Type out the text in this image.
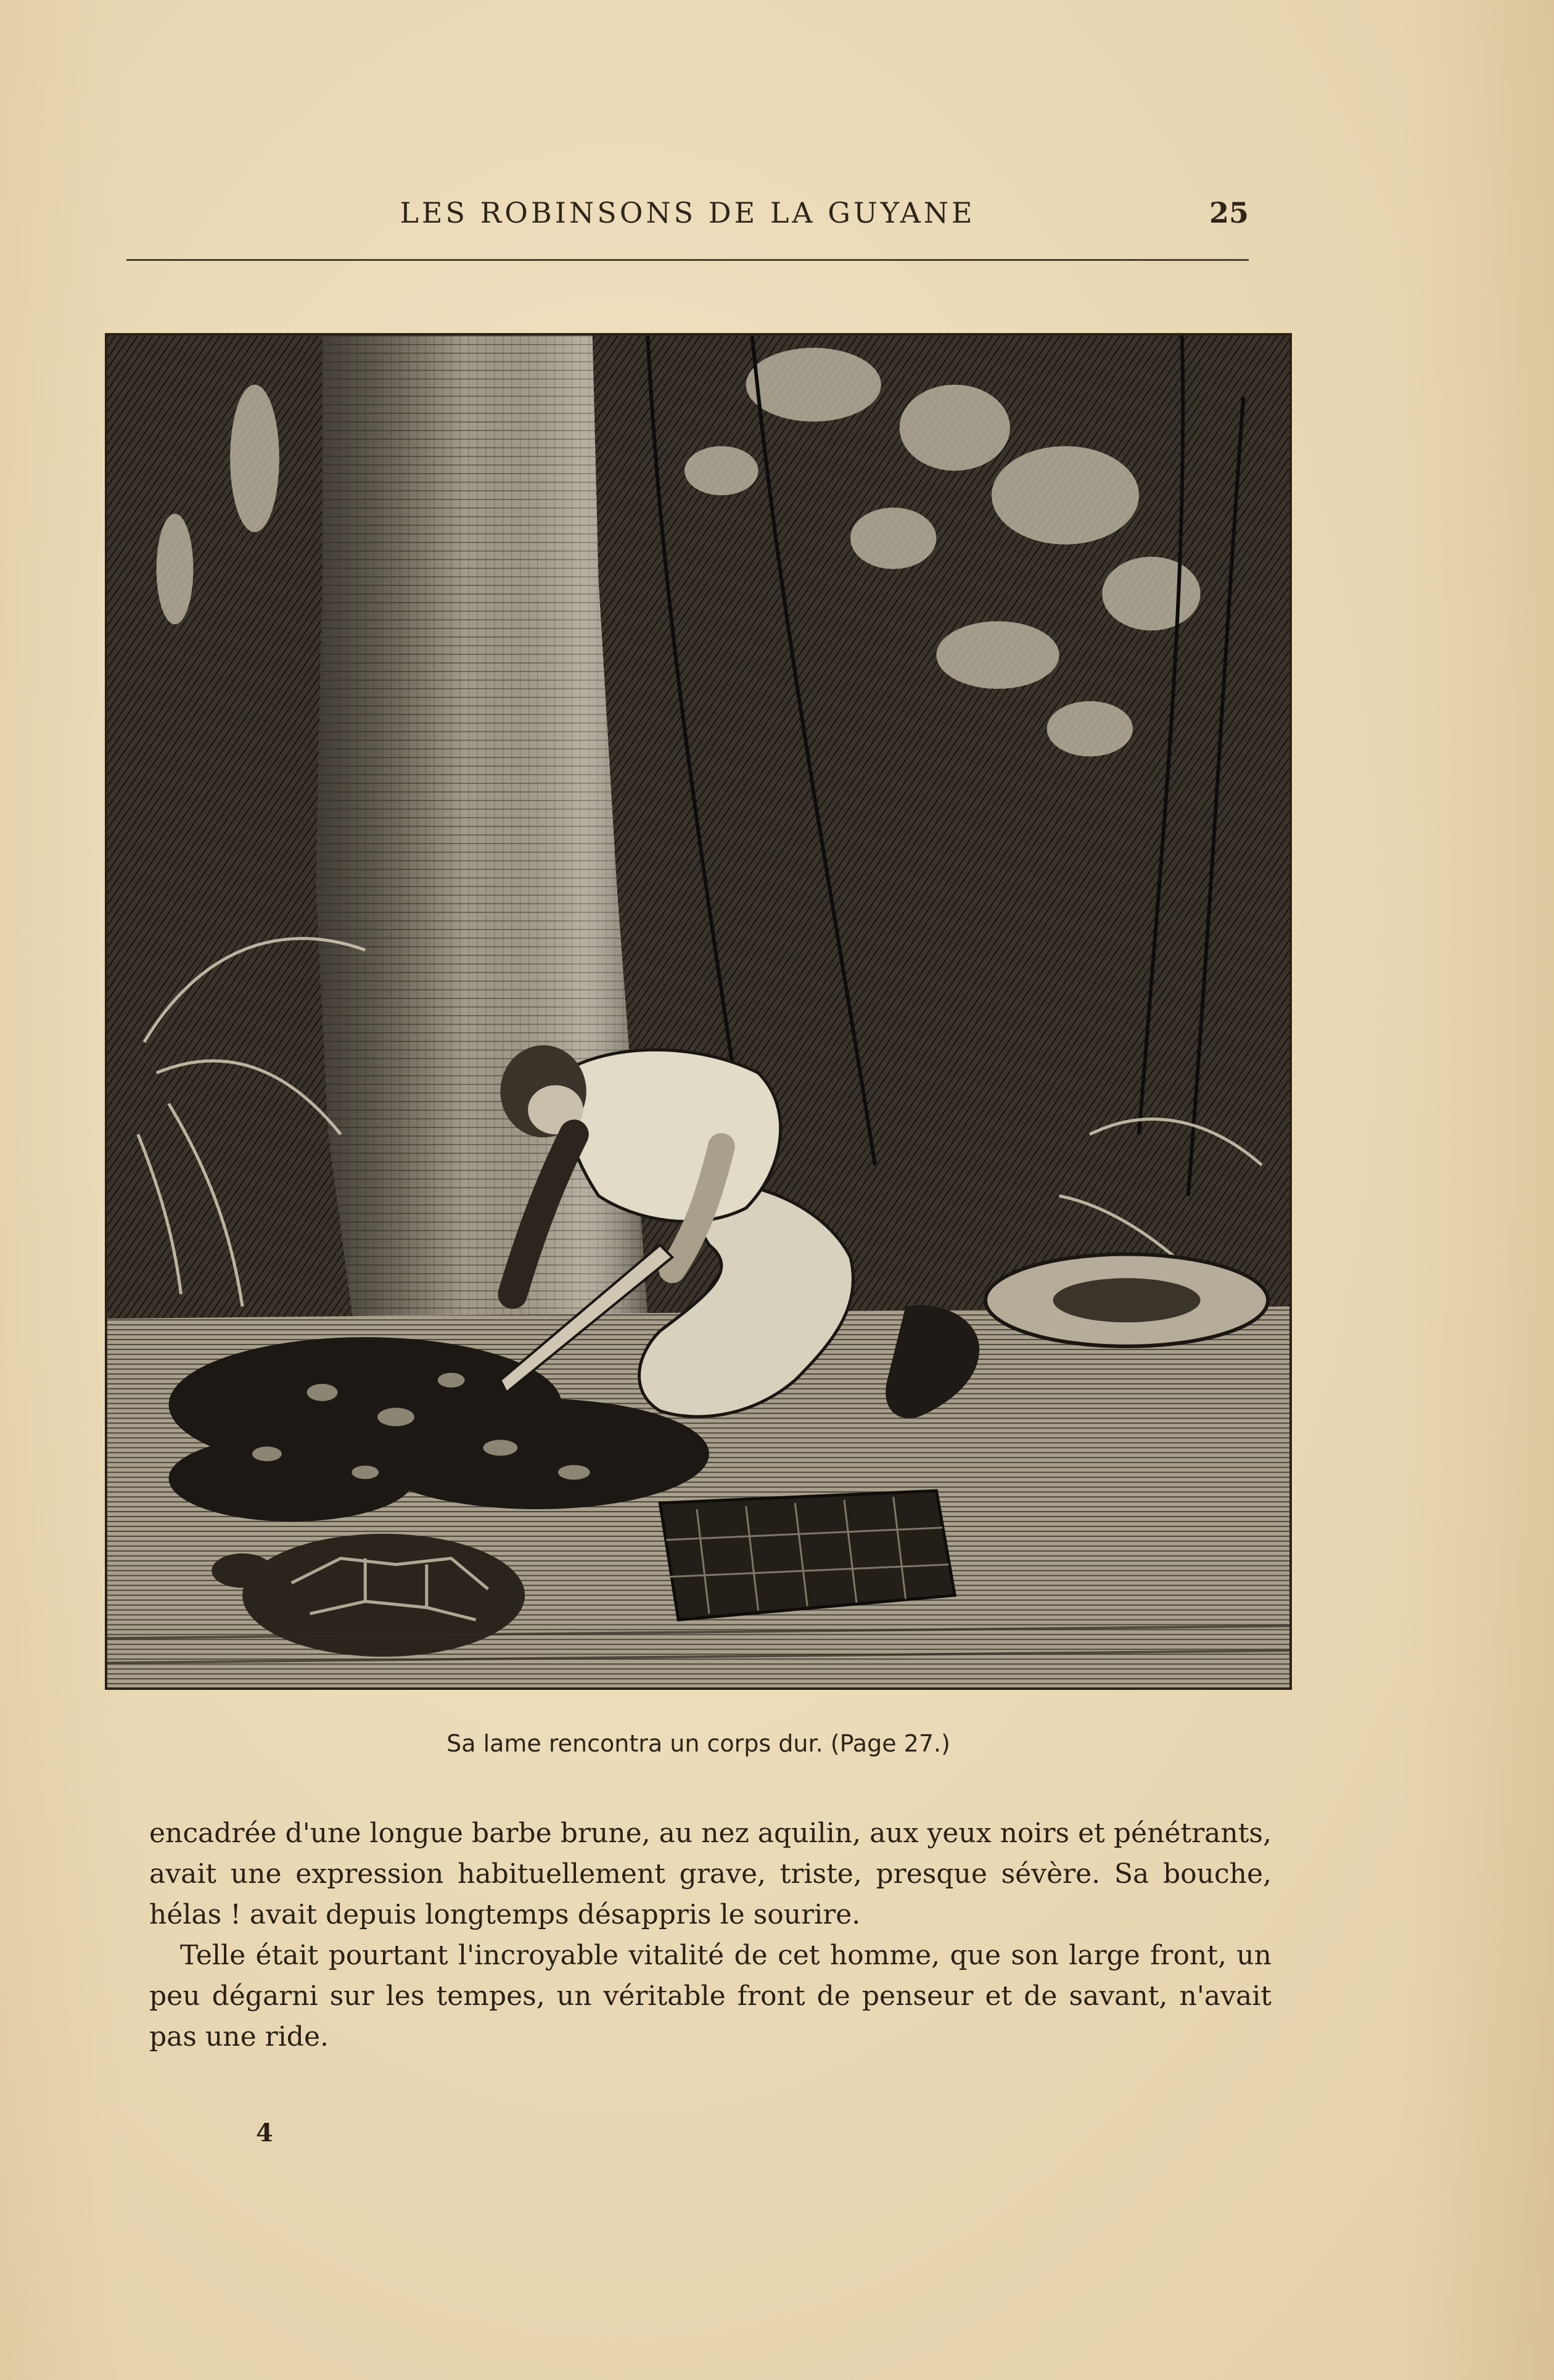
LES ROBINSONS DE LA GUYANE	25
Sa lame rencontra un corps dur. (Page 27.)

encadrée d'une longue barbe brune, au nez aquilin, aux yeux noirs et pénétrants, avait une expression habituellement grave, triste, presque sévère. Sa bouche, hélas ! avait depuis longtemps désappris le sourire.

Telle était pourtant l'incroyable vitalité de cet homme, que son large front, un peu dégarni sur les tempes, un véritable front de penseur et de savant, n'avait pas une ride.

4
